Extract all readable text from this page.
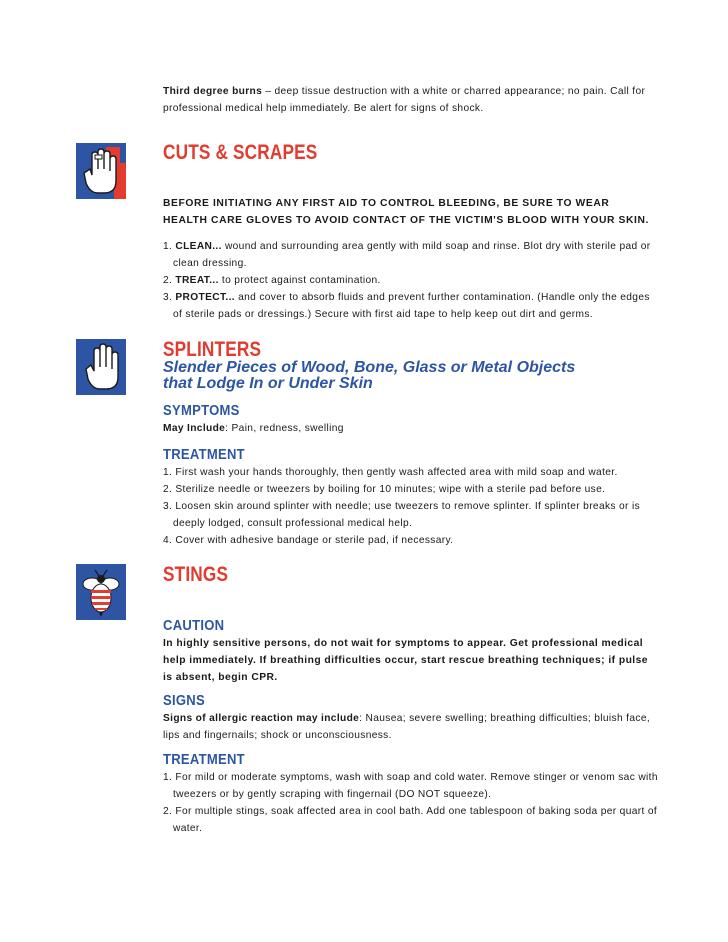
Third degree burns – deep tissue destruction with a white or charred appearance; no pain. Call for professional medical help immediately. Be alert for signs of shock.
CUTS & SCRAPES
BEFORE INITIATING ANY FIRST AID TO CONTROL BLEEDING, BE SURE TO WEAR HEALTH CARE GLOVES TO AVOID CONTACT OF THE VICTIM'S BLOOD WITH YOUR SKIN.
1. CLEAN... wound and surrounding area gently with mild soap and rinse. Blot dry with sterile pad or clean dressing.
2. TREAT... to protect against contamination.
3. PROTECT... and cover to absorb fluids and prevent further contamination. (Handle only the edges of sterile pads or dressings.) Secure with first aid tape to help keep out dirt and germs.
SPLINTERS
Slender Pieces of Wood, Bone, Glass or Metal Objects
that Lodge In or Under Skin
SYMPTOMS
May Include: Pain, redness, swelling
TREATMENT
1. First wash your hands thoroughly, then gently wash affected area with mild soap and water.
2. Sterilize needle or tweezers by boiling for 10 minutes; wipe with a sterile pad before use.
3. Loosen skin around splinter with needle; use tweezers to remove splinter. If splinter breaks or is deeply lodged, consult professional medical help.
4. Cover with adhesive bandage or sterile pad, if necessary.
STINGS
CAUTION
In highly sensitive persons, do not wait for symptoms to appear. Get professional medical help immediately. If breathing difficulties occur, start rescue breathing techniques; if pulse is absent, begin CPR.
SIGNS
Signs of allergic reaction may include: Nausea; severe swelling; breathing difficulties; bluish face, lips and fingernails; shock or unconsciousness.
TREATMENT
1. For mild or moderate symptoms, wash with soap and cold water. Remove stinger or venom sac with tweezers or by gently scraping with fingernail (DO NOT squeeze).
2. For multiple stings, soak affected area in cool bath. Add one tablespoon of baking soda per quart of water.
